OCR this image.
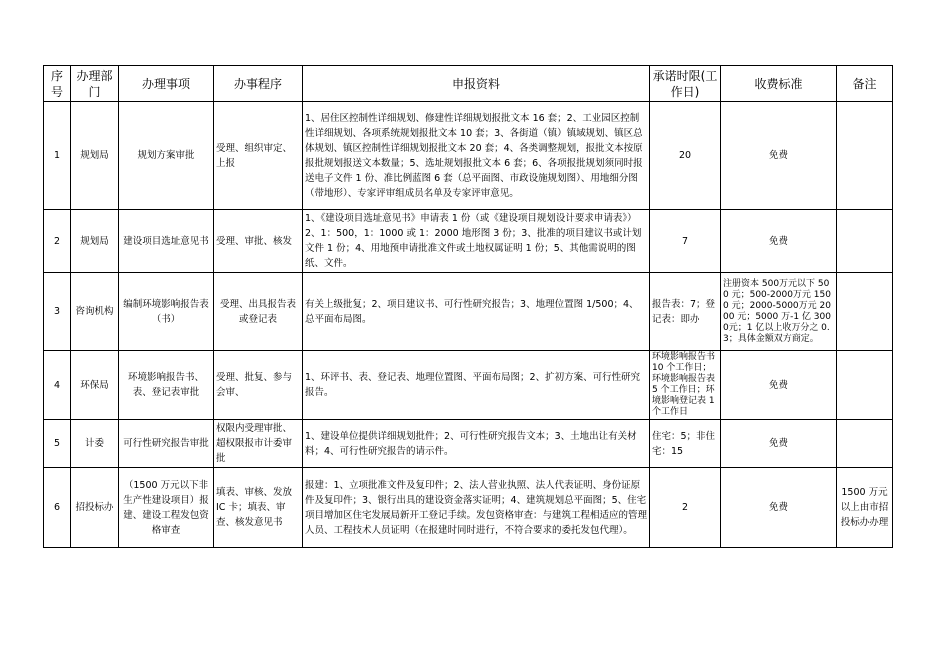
序号	办理部门	办理事项	办事程序	申报资料	承诺时限(工作日)	收费标准	备注
1	规划局	规划方案审批	受理、组织审定、上报	1、居住区控制性详细规划、修建性详细规划报批文本 16 套；2、工业园区控制性详细规划、各项系统规划报批文本 10 套；3、各街道（镇）镇域规划、镇区总体规划、镇区控制性详细规划报批文本 20 套；4、各类调整规划，报批文本按原报批规划报送文本数量；5、选址规划报批文本 6 套；6、各项报批规划须同时报送电子文件 1 份、准比例蓝图 6 套（总平面图、市政设施规划图）、用地细分图（带地形）、专家评审组成员名单及专家评审意见。	20	免费	
2	规划局	建设项目选址意见书	受理、审批、核发	1、《建设项目选址意见书》申请表 1 份（或《建设项目规划设计要求申请表》）2、1：500，1：1000 或 1：2000 地形图 3 份；3、批准的项目建议书或计划文件 1 份；4、用地预申请批准文件或土地权属证明 1 份；5、其他需说明的图纸、文件。	7	免费	
3	咨询机构	编制环境影响报告表（书）	受理、出具报告表或登记表	有关上级批复；2、项目建议书、可行性研究报告；3、地理位置图 1/500；4、总平面布局图。	报告表：7；登记表：即办	注册资本 500万元以下 500 元；500-2000万元 1500 元；2000-5000万元 2000 元；5000 万-1 亿 3000元；1 亿以上收万分之 0.3；具体金额双方商定。	
4	环保局	环境影响报告书、表、登记表审批	受理、批复、参与会审、	1、环评书、表、登记表、地理位置图、平面布局图；2、扩初方案、可行性研究报告。	环境影响报告书 10 个工作日；环境影响报告表 5 个工作日；环境影响登记表 1 个工作日	免费	
5	计委	可行性研究报告审批	权限内受理审批、超权限报市计委审批	1、建设单位提供详细规划批件；2、可行性研究报告文本；3、土地出让有关材料；4、可行性研究报告的请示件。	住宅：5；非住宅：15	免费	
6	招投标办	（1500 万元以下非生产性建设项目）报建、建设工程发包资格审查	填表、审核、发放 IC 卡；填表、审查、核发意见书	报建：1、立项批准文件及复印件；2、法人营业执照、法人代表证明、身份证原件及复印件；3、银行出具的建设资金落实证明；4、建筑规划总平面图；5、住宅项目增加区住宅发展局新开工登记手续。发包资格审查：与建筑工程相适应的管理人员、工程技术人员证明（在报建时同时进行，不符合要求的委托发包代理）。	2	免费	1500 万元以上由市招投标办办理
